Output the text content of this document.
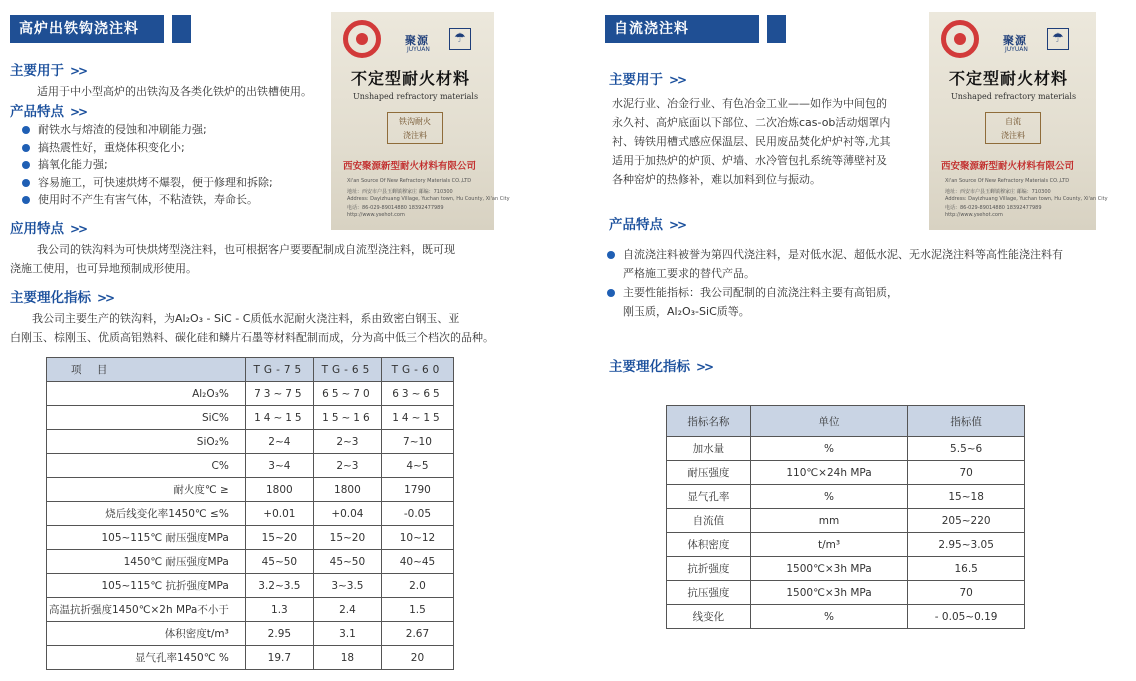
高炉出铁钩浇注料
主要用于 >>
适用于中小型高炉的出铁沟及各类化铁炉的出铁槽使用。
产品特点 >>
耐铁水与熔渣的侵蚀和冲刷能力强;
搞热震性好，重烧体积变化小;
搞氧化能力强;
容易施工，可快速烘烤不爆裂，便于修理和拆除;
使用时不产生有害气体，不粘渣铁，寿命长。
应用特点 >>
我公司的铁沟料为可快烘烤型浇注料，也可根据客户要要配制成自流型浇注料，既可现
浇施工使用，也可异地预制成形使用。
主要理化指标 >>
我公司主要生产的铁沟料，为Al₂O₃ - SiC - C质低水泥耐火浇注料，系由致密白钢玉、亚
白刚玉、棕刚玉、优质高铝熟料、碳化硅和鳞片石墨等材料配制而成，分为高中低三个档次的品种。
聚源
JUYUAN
☂
不定型耐火材料
Unshaped refractory materials
铁沟耐火
浇注料
西安聚源新型耐火材料有限公司
Xi'an Source Of New Refractory Materials CO.,LTD
地址：西安市户县玉蝉镇穆家庄 邮编：710300
Address: Dayizhuang Village, Yuchan town, Hu County, Xi'an City
电话：86-029-89014880 18392477989
http://www.ysehot.com
项 目	TG-75	TG-65	TG-60
Al₂O₃%	73~75	65~70	63~65
SiC%	14~15	15~16	14~15
SiO₂%	2~4	2~3	7~10
C%	3~4	2~3	4~5
耐火度℃ ≥	1800	1800	1790
烧后线变化率1450℃ ≤%	+0.01	+0.04	-0.05
105~115℃ 耐压强度MPa	15~20	15~20	10~12
1450℃ 耐压强度MPa	45~50	45~50	40~45
105~115℃ 抗折强度MPa	3.2~3.5	3~3.5	2.0
高温抗折强度1450℃×2h MPa不小于	1.3	2.4	1.5
体积密度t/m³	2.95	3.1	2.67
显气孔率1450℃ %	19.7	18	20
自流浇注料
主要用于 >>
水泥行业、冶金行业、有色冶金工业——如作为中间包的
永久衬、高炉底面以下部位、二次冶炼cas-ob活动烟罩内
衬、铸铁用槽式感应保温层、民用废品焚化炉炉衬等,尤其
适用于加热炉的炉顶、炉墙、水冷管包扎系统等薄壁衬及
各种窑炉的热修补，难以加料到位与振动。
产品特点 >>
自流浇注料被誉为第四代浇注料，是对低水泥、超低水泥、无水泥浇注料等高性能浇注料有
严格施工要求的替代产品。
主要性能指标：我公司配制的自流浇注料主要有高铝质，
刚玉质，Al₂O₃-SiC质等。
主要理化指标 >>
聚源
JUYUAN
☂
不定型耐火材料
Unshaped refractory materials
自流
浇注料
西安聚源新型耐火材料有限公司
Xi'an Source Of New Refractory Materials CO.,LTD
地址：西安市户县玉蝉镇穆家庄 邮编：710300
Address: Dayizhuang Village, Yuchan town, Hu County, Xi'an City
电话：86-029-89014880 18392477989
http://www.ysehot.com
指标名称	单位	指标值
加水量	%	5.5~6
耐压强度	110℃×24h MPa	70
显气孔率	%	15~18
自流值	mm	205~220
体积密度	t/m³	2.95~3.05
抗折强度	1500℃×3h MPa	16.5
抗压强度	1500℃×3h MPa	70
线变化	%	- 0.05~0.19
